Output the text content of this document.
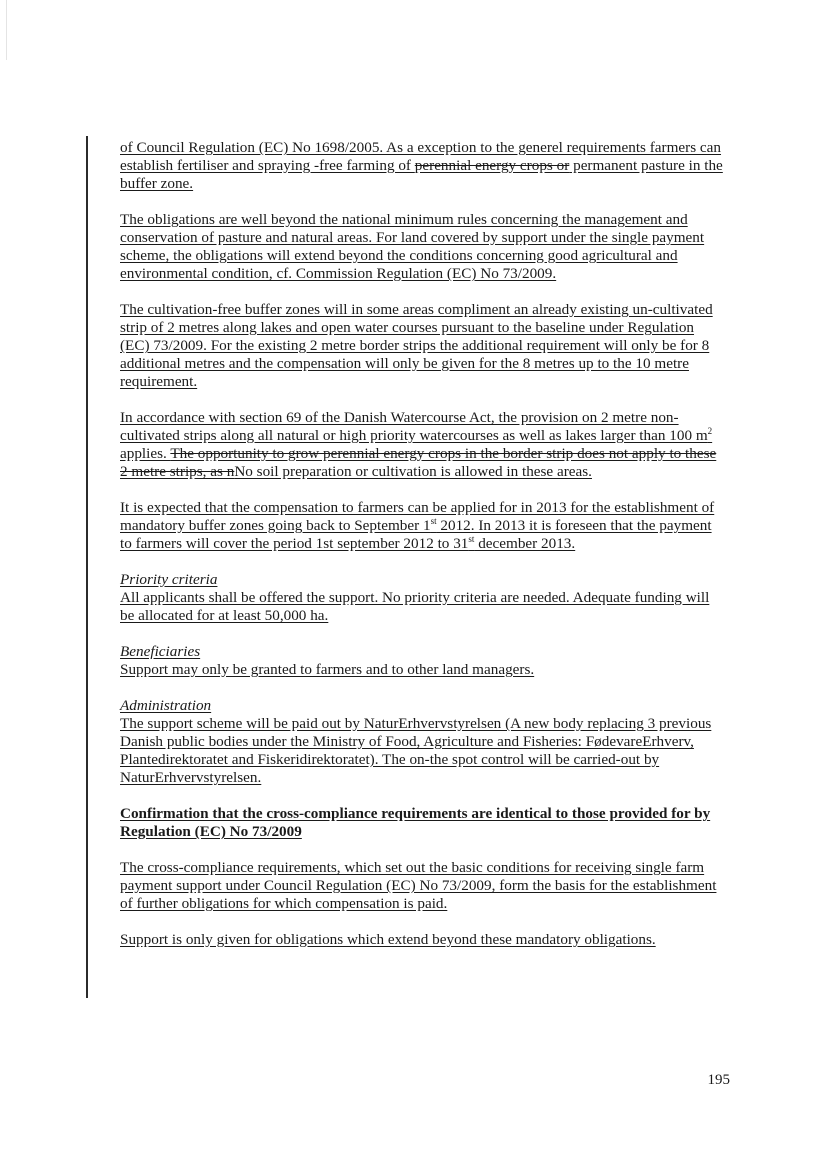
of Council Regulation (EC) No 1698/2005. As a exception to the generel requirements farmers can establish fertiliser and spraying -free farming of perennial energy crops or permanent pasture in the buffer zone.

The obligations are well beyond the national minimum rules concerning the management and conservation of pasture and natural areas. For land covered by support under the single payment scheme, the obligations will extend beyond the conditions concerning good agricultural and environmental condition, cf. Commission Regulation (EC) No 73/2009.

The cultivation-free buffer zones will in some areas compliment an already existing un-cultivated strip of 2 metres along lakes and open water courses pursuant to the baseline under Regulation (EC) 73/2009. For the existing 2 metre border strips the additional requirement will only be for 8 additional metres and the compensation will only be given for the 8 metres up to the 10 metre requirement.

In accordance with section 69 of the Danish Watercourse Act, the provision on 2 metre non-cultivated strips along all natural or high priority watercourses as well as lakes larger than 100 $m^2$ applies. The opportunity to grow perennial energy crops in the border strip does not apply to these 2 metre strips, as nNo soil preparation or cultivation is allowed in these areas.

It is expected that the compensation to farmers can be applied for in 2013 for the establishment of mandatory buffer zones going back to September 1st 2012. In 2013 it is foreseen that the payment to farmers will cover the period 1st september 2012 to 31st december 2013.

Priority criteria

All applicants shall be offered the support. No priority criteria are needed. Adequate funding will be allocated for at least 50,000 ha.

Beneficiaries

Support may only be granted to farmers and to other land managers.

Administration

The support scheme will be paid out by NaturErhvervstyrelsen (A new body replacing 3 previous Danish public bodies under the Ministry of Food, Agriculture and Fisheries: FødevareErhverv, Plantedirektoratet and Fiskeridirektoratet). The on-the spot control will be carried-out by NaturErhvervstyrelsen.

Confirmation that the cross-compliance requirements are identical to those provided for by Regulation (EC) No 73/2009

The cross-compliance requirements, which set out the basic conditions for receiving single farm payment support under Council Regulation (EC) No 73/2009, form the basis for the establishment of further obligations for which compensation is paid.

Support is only given for obligations which extend beyond these mandatory obligations.

195
